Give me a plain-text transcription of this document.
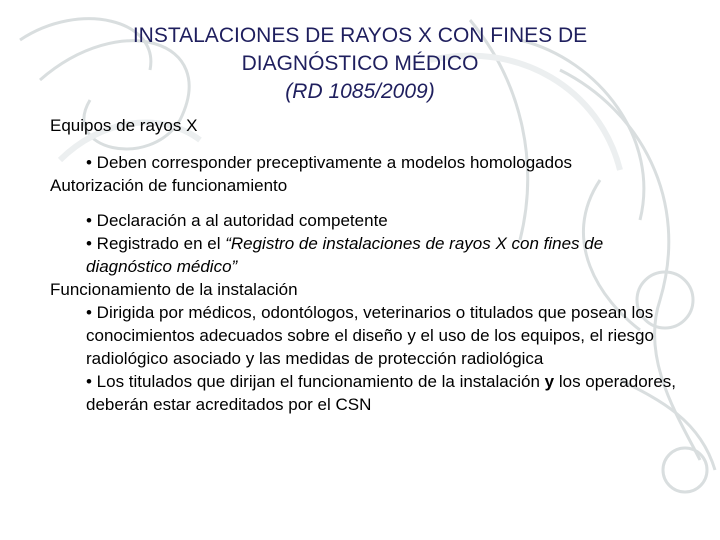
INSTALACIONES DE RAYOS X CON FINES DE
DIAGNÓSTICO MÉDICO
(RD 1085/2009)
Equipos de rayos X
• Deben corresponder preceptivamente a modelos homologados
Autorización de funcionamiento
• Declaración a al autoridad competente
• Registrado en el “Registro de instalaciones de rayos X con fines de diagnóstico médico”
Funcionamiento de la instalación
• Dirigida por médicos, odontólogos, veterinarios o titulados que posean los conocimientos adecuados sobre el diseño y el uso de los equipos, el riesgo radiológico asociado y las medidas de protección radiológica
• Los titulados que dirijan el funcionamiento de la instalación y los operadores, deberán estar acreditados por el CSN
